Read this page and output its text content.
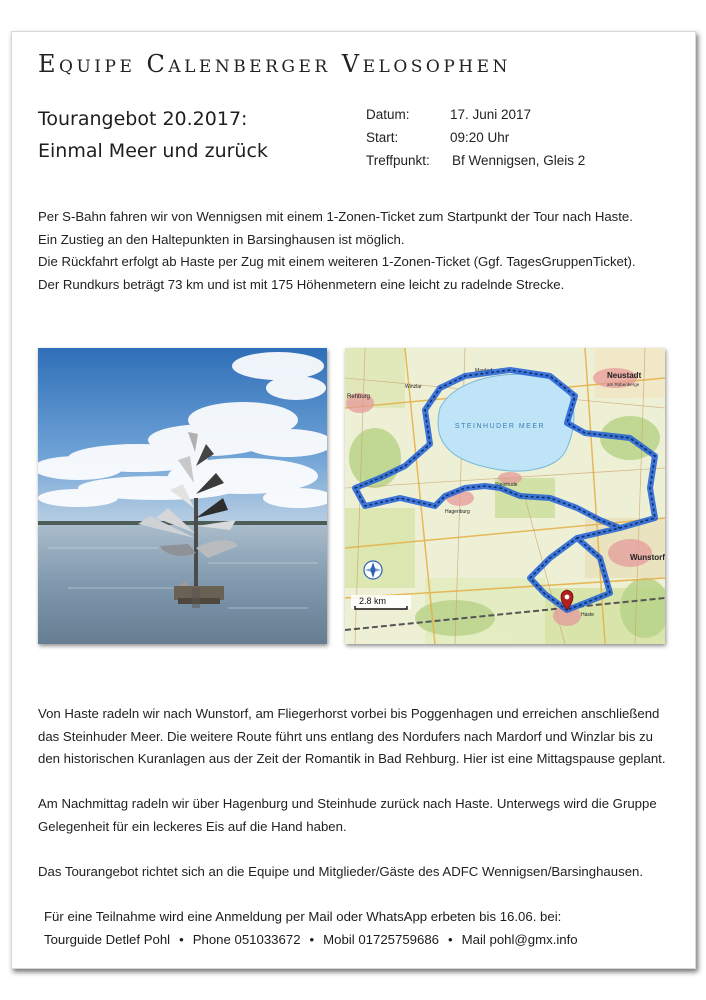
Equipe Calenberger Velosophen
Tourangebot 20.2017:
Einmal Meer und zurück
Datum:	17. Juni 2017
Start:	09:20 Uhr
Treffpunkt:	Bf Wennigsen, Gleis 2
Per S-Bahn fahren wir von Wennigsen mit einem 1-Zonen-Ticket zum Startpunkt der Tour nach Haste.
Ein Zustieg an den Haltepunkten in Barsinghausen ist möglich.
Die Rückfahrt erfolgt ab Haste per Zug mit einem weiteren 1-Zonen-Ticket (Ggf. TagesGruppenTicket).
Der Rundkurs beträgt 73 km und ist mit 175 Höhenmetern eine leicht zu radelnde Strecke.
STEINHUDER MEER
Neustadt
am Rübenberge
Wunstorf
Rehburg
Hagenburg
Steinhude
Haste
Mardorf
Winzlar
2.8 km
Von Haste radeln wir nach Wunstorf, am Fliegerhorst vorbei bis Poggenhagen und erreichen anschließend
das Steinhuder Meer. Die weitere Route führt uns entlang des Nordufers nach Mardorf und Winzlar bis zu
den historischen Kuranlagen aus der Zeit der Romantik in Bad Rehburg. Hier ist eine Mittagspause geplant.
Am Nachmittag radeln wir über Hagenburg und Steinhude zurück nach Haste. Unterwegs wird die Gruppe
Gelegenheit für ein leckeres Eis auf die Hand haben.
Das Tourangebot richtet sich an die Equipe und Mitglieder/Gäste des ADFC Wennigsen/Barsinghausen.
Für eine Teilnahme wird eine Anmeldung per Mail oder WhatsApp erbeten bis 16.06. bei:
Tourguide Detlef Pohl • Phone 051033672 • Mobil 01725759686 • Mail pohl@gmx.info
